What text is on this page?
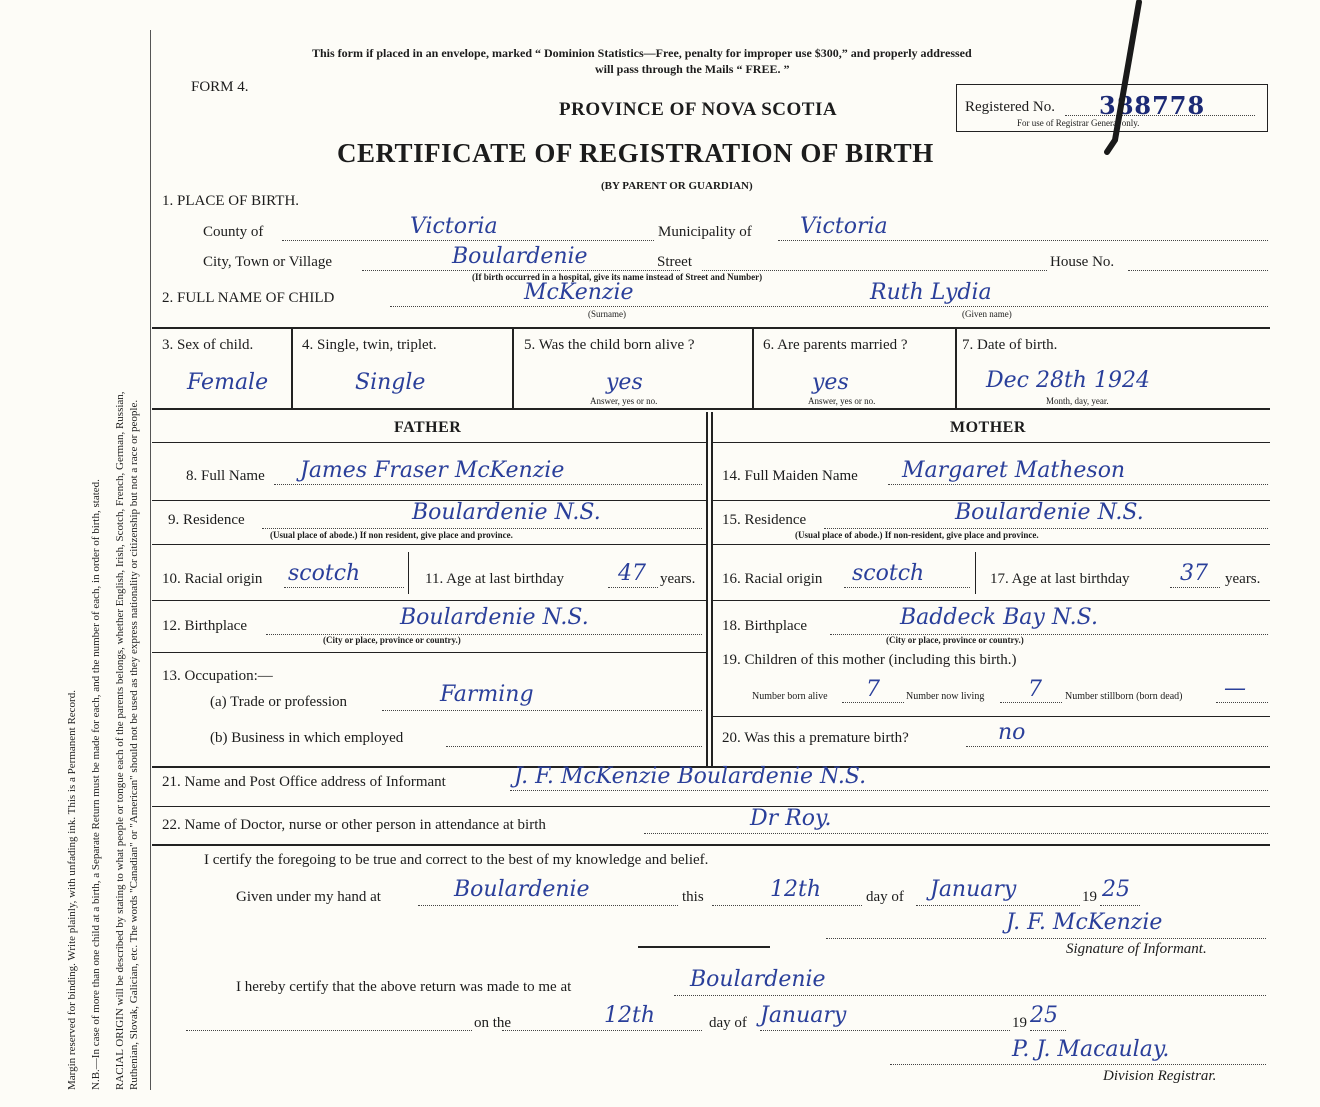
Margin reserved for binding. Write plainly, with unfading ink. This is a Permanent Record. N.B.—In case of more than one child at a birth, a Separate Return must be made for each, and the number of each, in order of birth, stated. RACIAL ORIGIN will be described by stating to what people or tongue each of the parents belongs, whether English, Irish, Scotch, French, German, Russian, Ruthenian, Slovak, Galician, etc. The words "Canadian" or "American" should not be used as they express nationality or citizenship but not a race or people.
This form if placed in an envelope, marked “ Dominion Statistics—Free, penalty for improper use $300,” and properly addressed
will pass through the Mails “ FREE. ”
FORM 4.
PROVINCE OF NOVA SCOTIA
CERTIFICATE OF REGISTRATION OF BIRTH
(BY PARENT OR GUARDIAN)
Registered No. 388778
For use of Registrar General only.
1. PLACE OF BIRTH.
County of	Victoria	Municipality of Victoria
City, Town or Village	Boulardenie	Street	House No.
(If birth occurred in a hospital, give its name instead of Street and Number)
2. FULL NAME OF CHILD	McKenzie
(Surname)
Ruth Lydia
(Given name)
3. Sex of child.
Female
4. Single, twin, triplet.
Single
5. Was the child born alive ?
yes
Answer, yes or no.
6. Are parents married ?
yes
Answer, yes or no.
7. Date of birth.
Dec 28th 1924
Month, day, year.
FATHER	MOTHER
8. Full Name James Fraser McKenzie
9. Residence	Boulardenie N.S.
(Usual place of abode.) If non resident, give place and province.
10. Racial origin scotch	11. Age at last birthday 47 years.
12. Birthplace	Boulardenie N.S.
(City or place, province or country.)
13. Occupation:—
(a) Trade or profession	Farming
(b) Business in which employed
14. Full Maiden Name Margaret Matheson
15. Residence	Boulardenie N.S.
(Usual place of abode.) If non-resident, give place and province.
16. Racial origin scotch	17. Age at last birthday 37 years.
18. Birthplace	Baddeck Bay N.S.
(City or place, province or country.)
19. Children of this mother (including this birth.)
Number born alive 7	Number now living 7 Number stillborn (born dead) —
20. Was this a premature birth?	no
21. Name and Post Office address of Informant	J. F. McKenzie Boulardenie N.S.
22. Name of Doctor, nurse or other person in attendance at birth	Dr Roy.
I certify the foregoing to be true and correct to the best of my knowledge and belief.
Given under my hand at	Boulardenie	this	12th	day of January	19 25
J. F. McKenzie
Signature of Informant.
I hereby certify that the above return was made to me at	Boulardenie
on the	12th	day of January	19 25
P. J. Macaulay.
Division Registrar.
